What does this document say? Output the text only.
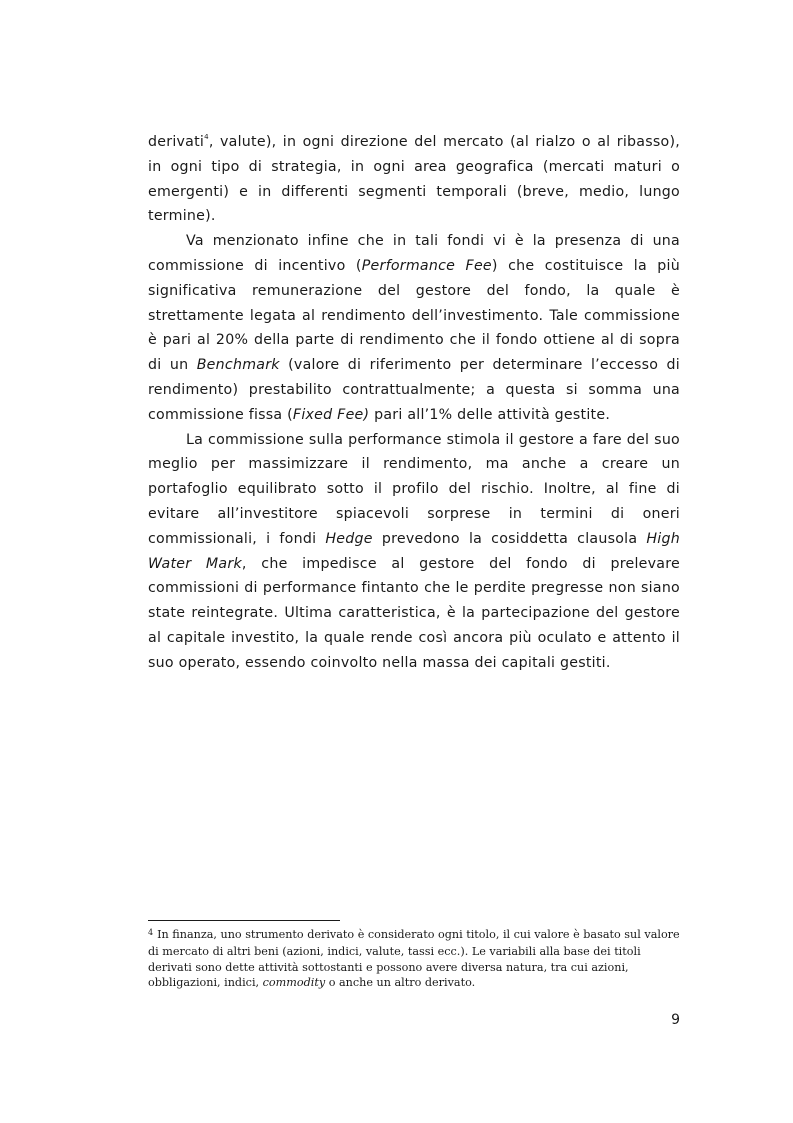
derivati$^4$, valute), in ogni direzione del mercato (al rialzo o al ribasso), in ogni tipo di strategia, in ogni area geografica (mercati maturi o emergenti) e in differenti segmenti temporali (breve, medio, lungo termine).

Va menzionato infine che in tali fondi vi è la presenza di una commissione di incentivo (Performance Fee) che costituisce la più significativa remunerazione del gestore del fondo, la quale è strettamente legata al rendimento dell’investimento. Tale commissione è pari al 20% della parte di rendimento che il fondo ottiene al di sopra di un Benchmark (valore di riferimento per determinare l’eccesso di rendimento) prestabilito contrattualmente; a questa si somma una commissione fissa (Fixed Fee) pari all’1% delle attività gestite.

La commissione sulla performance stimola il gestore a fare del suo meglio per massimizzare il rendimento, ma anche a creare un portafoglio equilibrato sotto il profilo del rischio. Inoltre, al fine di evitare all’investitore spiacevoli sorprese in termini di oneri commissionali, i fondi Hedge prevedono la cosiddetta clausola High Water Mark, che impedisce al gestore del fondo di prelevare commissioni di performance fintanto che le perdite pregresse non siano state reintegrate. Ultima caratteristica, è la partecipazione del gestore al capitale investito, la quale rende così ancora più oculato e attento il suo operato, essendo coinvolto nella massa dei capitali gestiti.

$^4$ In finanza, uno strumento derivato è considerato ogni titolo, il cui valore è basato sul valore di mercato di altri beni (azioni, indici, valute, tassi ecc.). Le variabili alla base dei titoli derivati sono dette attività sottostanti e possono avere diversa natura, tra cui azioni, obbligazioni, indici, commodity o anche un altro derivato.

9
